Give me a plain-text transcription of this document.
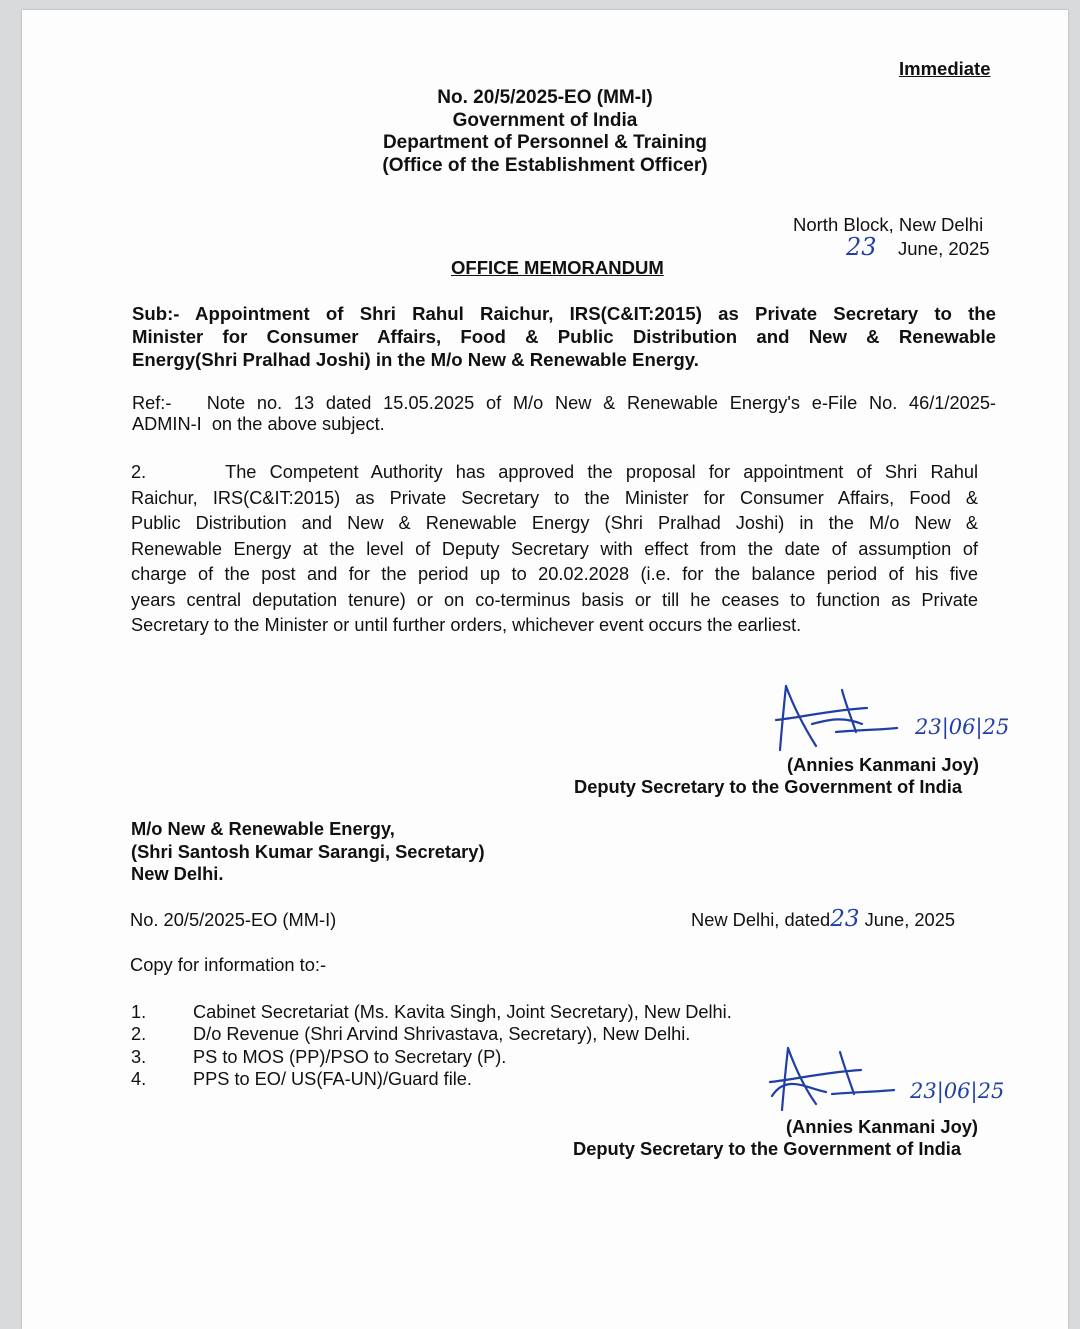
Immediate
No. 20/5/2025-EO (MM-I)
Government of India
Department of Personnel & Training
(Office of the Establishment Officer)
North Block, New Delhi
23 June, 2025
OFFICE MEMORANDUM
Sub:- Appointment of Shri Rahul Raichur, IRS(C&IT:2015) as Private Secretary to the
Minister for Consumer Affairs, Food & Public Distribution and New & Renewable
Energy(Shri Pralhad Joshi) in the M/o New & Renewable Energy.
Ref:-   Note no. 13 dated 15.05.2025 of M/o New & Renewable Energy's e-File No. 46/1/2025-
ADMIN-I  on the above subject.
2.      The Competent Authority has approved the proposal for appointment of Shri Rahul
Raichur, IRS(C&IT:2015) as Private Secretary to the Minister for Consumer Affairs, Food &
Public Distribution and New & Renewable Energy (Shri Pralhad Joshi) in the M/o New &
Renewable Energy at the level of Deputy Secretary with effect from the date of assumption of
charge of the post and for the period up to 20.02.2028 (i.e. for the balance period of his five
years central deputation tenure) or on co-terminus basis or till he ceases to function as Private
Secretary to the Minister or until further orders, whichever event occurs the earliest.
23|06|25
(Annies Kanmani Joy)
Deputy Secretary to the Government of India
M/o New & Renewable Energy,
(Shri Santosh Kumar Sarangi, Secretary)
New Delhi.
No. 20/5/2025-EO (MM-I)	New Delhi, dated23 June, 2025
Copy for information to:-
1.	Cabinet Secretariat (Ms. Kavita Singh, Joint Secretary), New Delhi.
2.	D/o Revenue (Shri Arvind Shrivastava, Secretary), New Delhi.
3.	PS to MOS (PP)/PSO to Secretary (P).
4.	PPS to EO/ US(FA-UN)/Guard file.	23|06|25
(Annies Kanmani Joy)
Deputy Secretary to the Government of India
